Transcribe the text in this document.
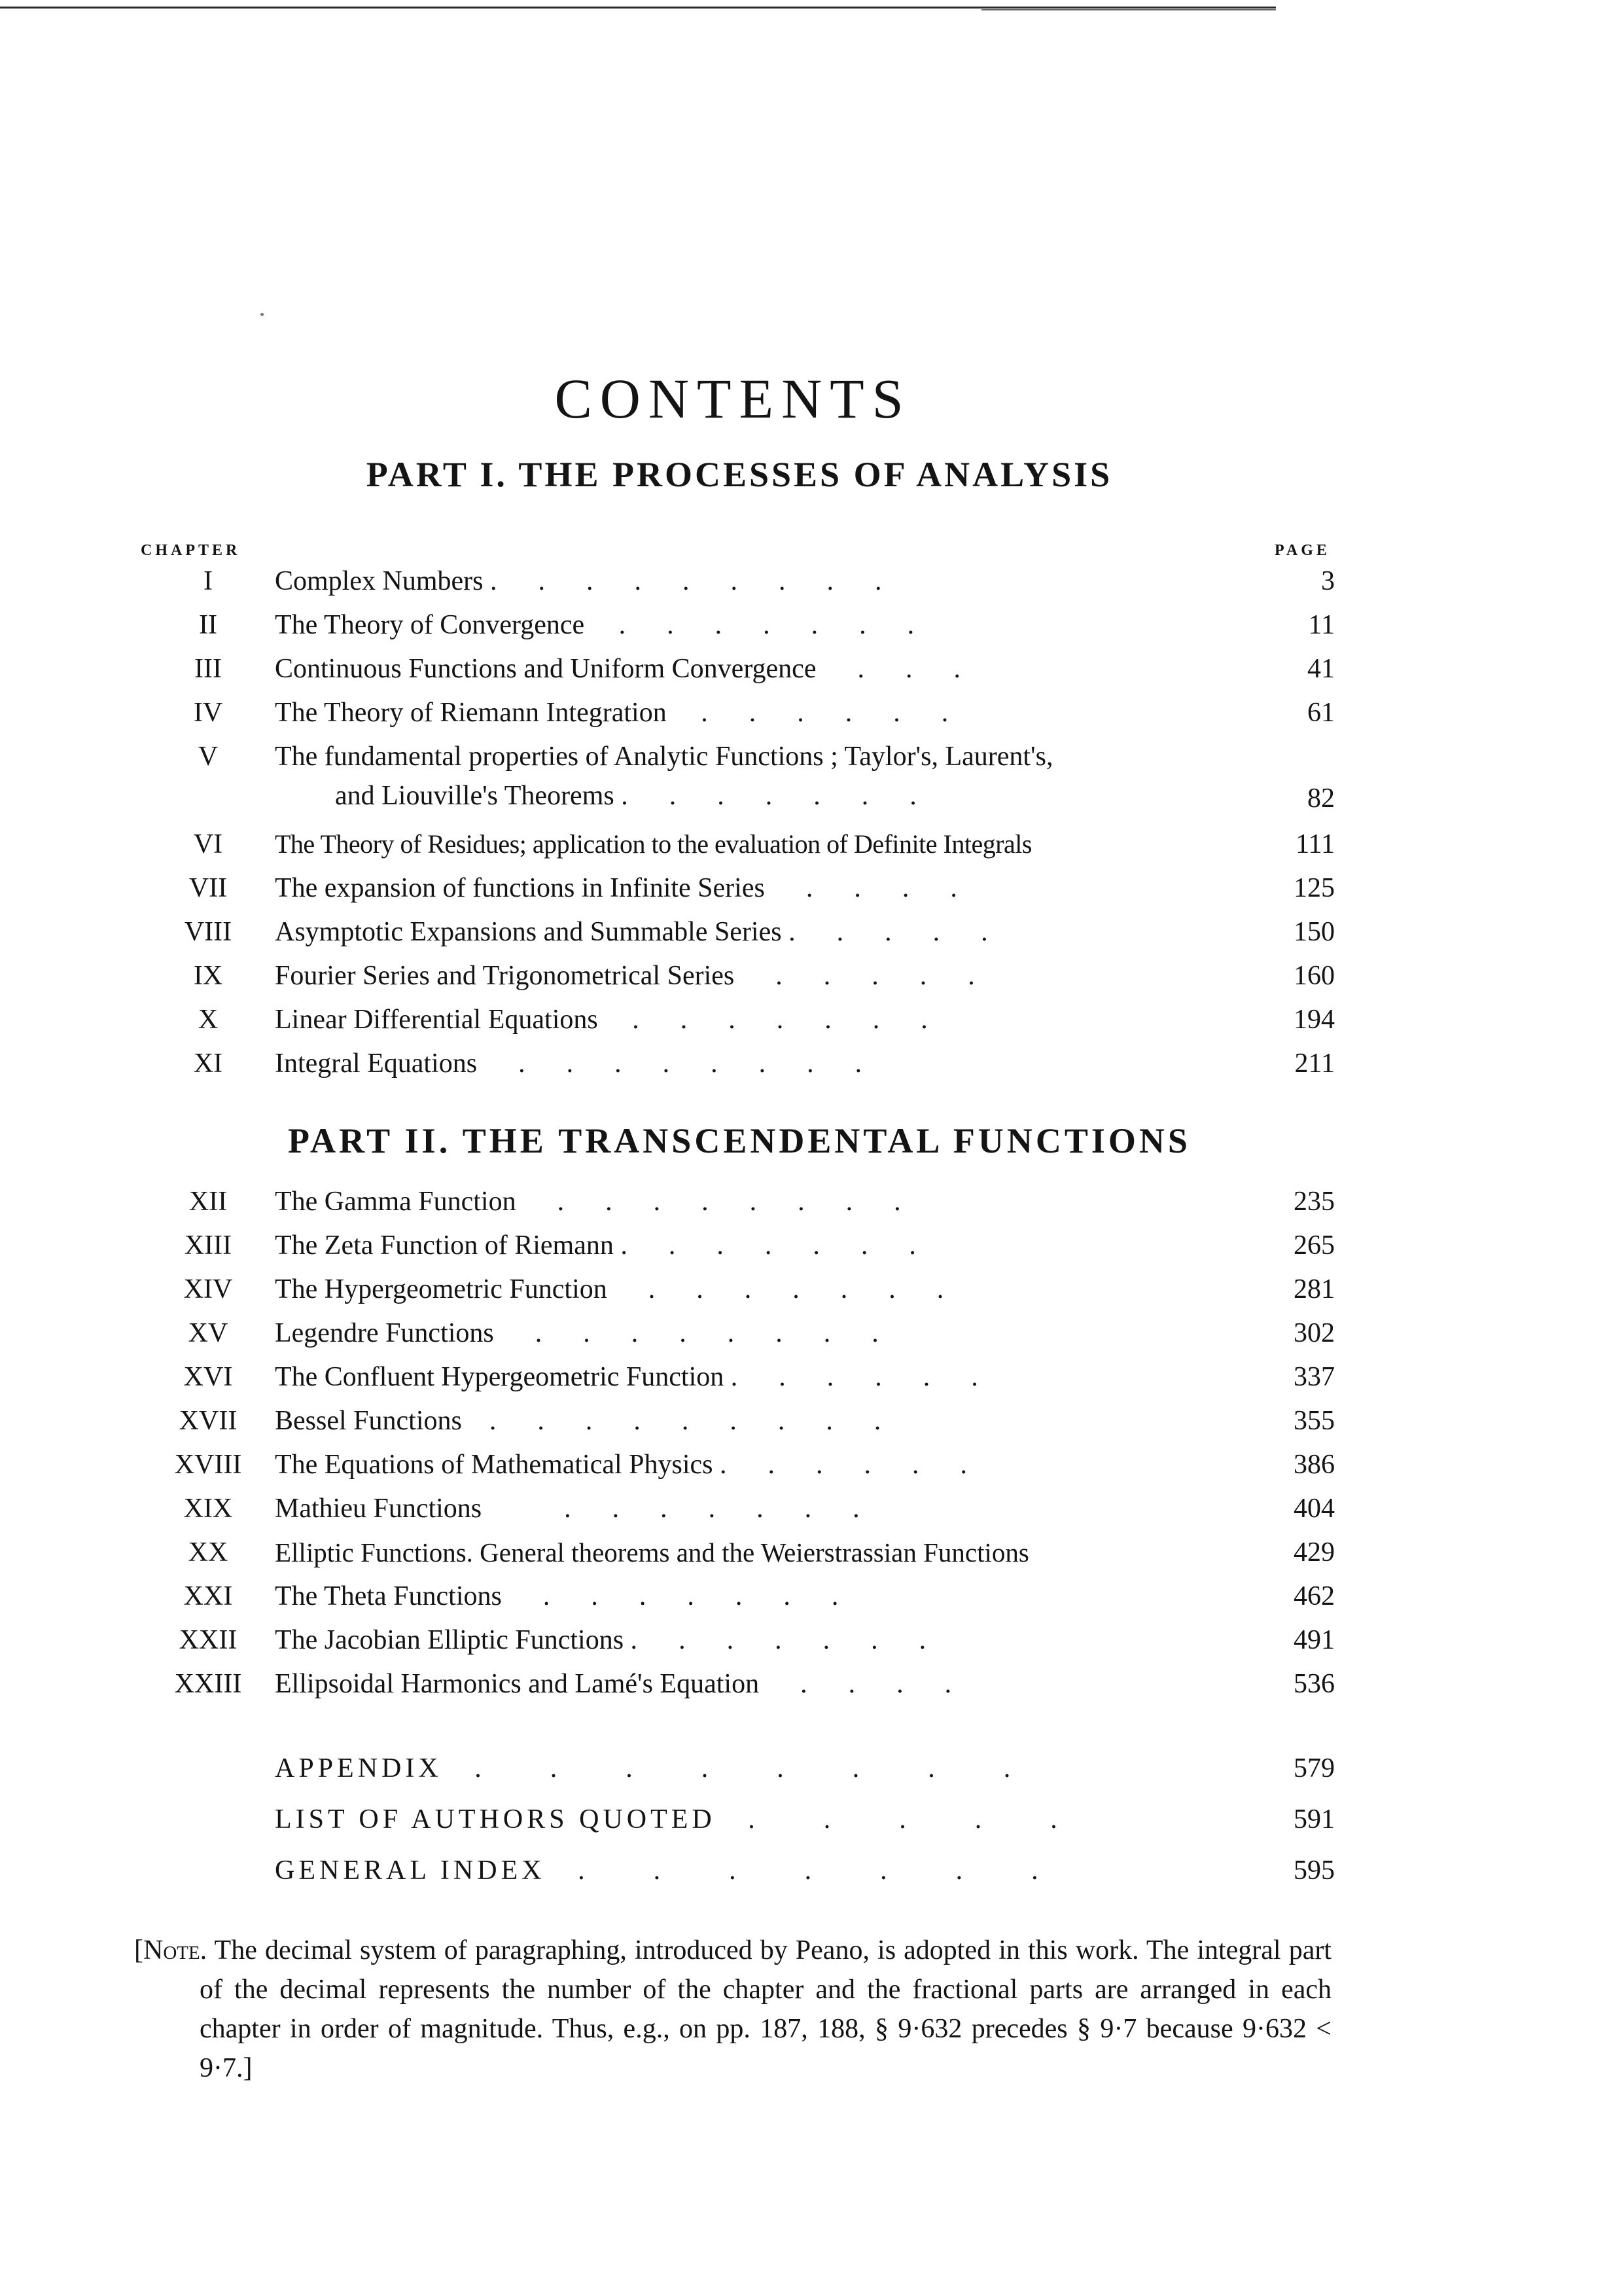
CONTENTS
PART I. THE PROCESSES OF ANALYSIS
CHAPTER	PAGE
I	Complex Numbers .      .      .      .      .      .      .      .      .	3
II	The Theory of Convergence     .      .      .      .      .      .      .	11
III	Continuous Functions and Uniform Convergence      .      .      .	41
IV	The Theory of Riemann Integration     .      .      .      .      .      .	61
V	The fundamental properties of Analytic Functions ; Taylor's, Laurent's,
and Liouville's Theorems .	82
VI	The Theory of Residues; application to the evaluation of Definite Integrals	111
VII	The expansion of functions in Infinite Series      .      .      .      .	125
VIII	Asymptotic Expansions and Summable Series .      .      .      .      .	150
IX	Fourier Series and Trigonometrical Series      .      .      .      .      .	160
X	Linear Differential Equations     .      .      .      .      .      .      .	194
XI	Integral Equations      .      .      .      .      .      .      .      .	211
PART II. THE TRANSCENDENTAL FUNCTIONS
XII	The Gamma Function      .      .      .      .      .      .      .      .	235
XIII	The Zeta Function of Riemann .      .      .      .      .      .      .	265
XIV	The Hypergeometric Function      .      .      .      .      .      .      .	281
XV	Legendre Functions      .      .      .      .      .      .      .      .	302
XVI	The Confluent Hypergeometric Function .      .      .      .      .      .	337
XVII	Bessel Functions    .      .      .      .      .      .      .      .      .	355
XVIII	The Equations of Mathematical Physics .      .      .      .      .      .	386
XIX	Mathieu Functions            .      .      .      .      .      .      .	404
XX	Elliptic Functions. General theorems and the Weierstrassian Functions	429
XXI	The Theta Functions      .      .      .      .      .      .      .	462
XXII	The Jacobian Elliptic Functions .      .      .      .      .      .      .	491
XXIII	Ellipsoidal Harmonics and Lamé's Equation      .      .      .      .	536
APPENDIX   .      .      .      .      .      .      .      .	579
LIST OF AUTHORS QUOTED   .      .      .      .      .	591
GENERAL INDEX   .      .      .      .      .      .      .	595

[Note. The decimal system of paragraphing, introduced by Peano, is adopted in this work. The integral part of the decimal represents the number of the chapter and the fractional parts are arranged in each chapter in order of magnitude. Thus, e.g., on pp. 187, 188, § 9·632 precedes § 9·7 because 9·632 < 9·7.]
